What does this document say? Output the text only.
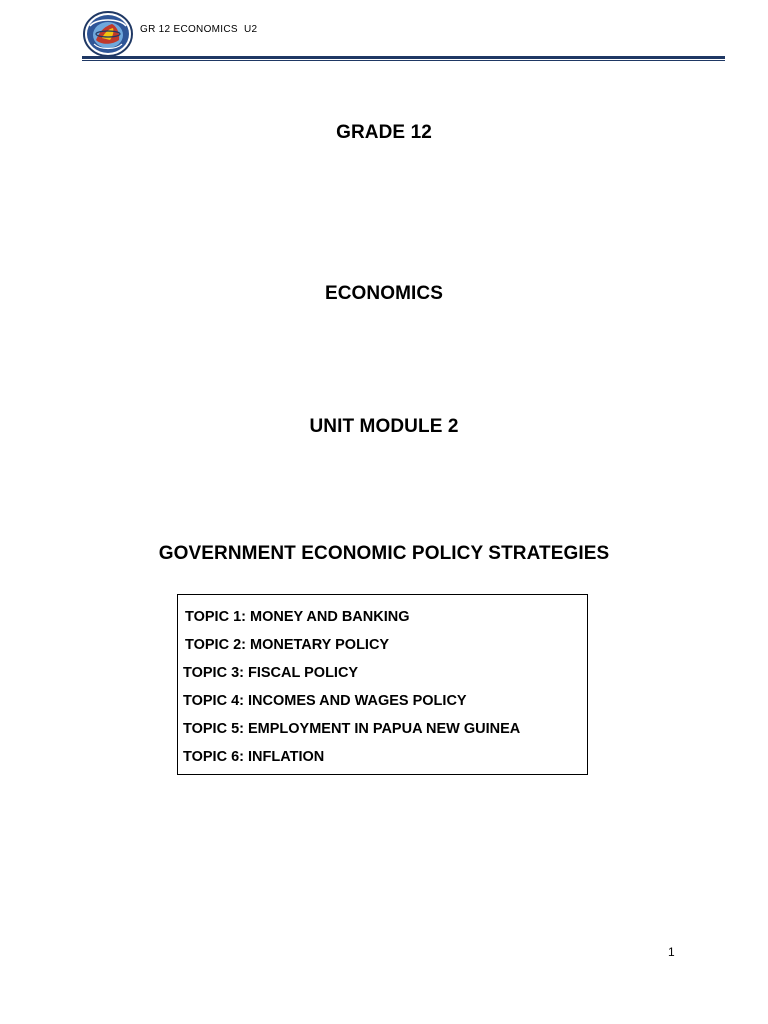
GR 12 ECONOMICS  U2
GRADE 12
ECONOMICS
UNIT MODULE 2
GOVERNMENT ECONOMIC POLICY STRATEGIES
TOPIC 1: MONEY AND BANKING
TOPIC 2: MONETARY POLICY
TOPIC 3: FISCAL POLICY
TOPIC 4: INCOMES AND WAGES POLICY
TOPIC 5: EMPLOYMENT IN PAPUA NEW GUINEA
TOPIC 6: INFLATION
1
